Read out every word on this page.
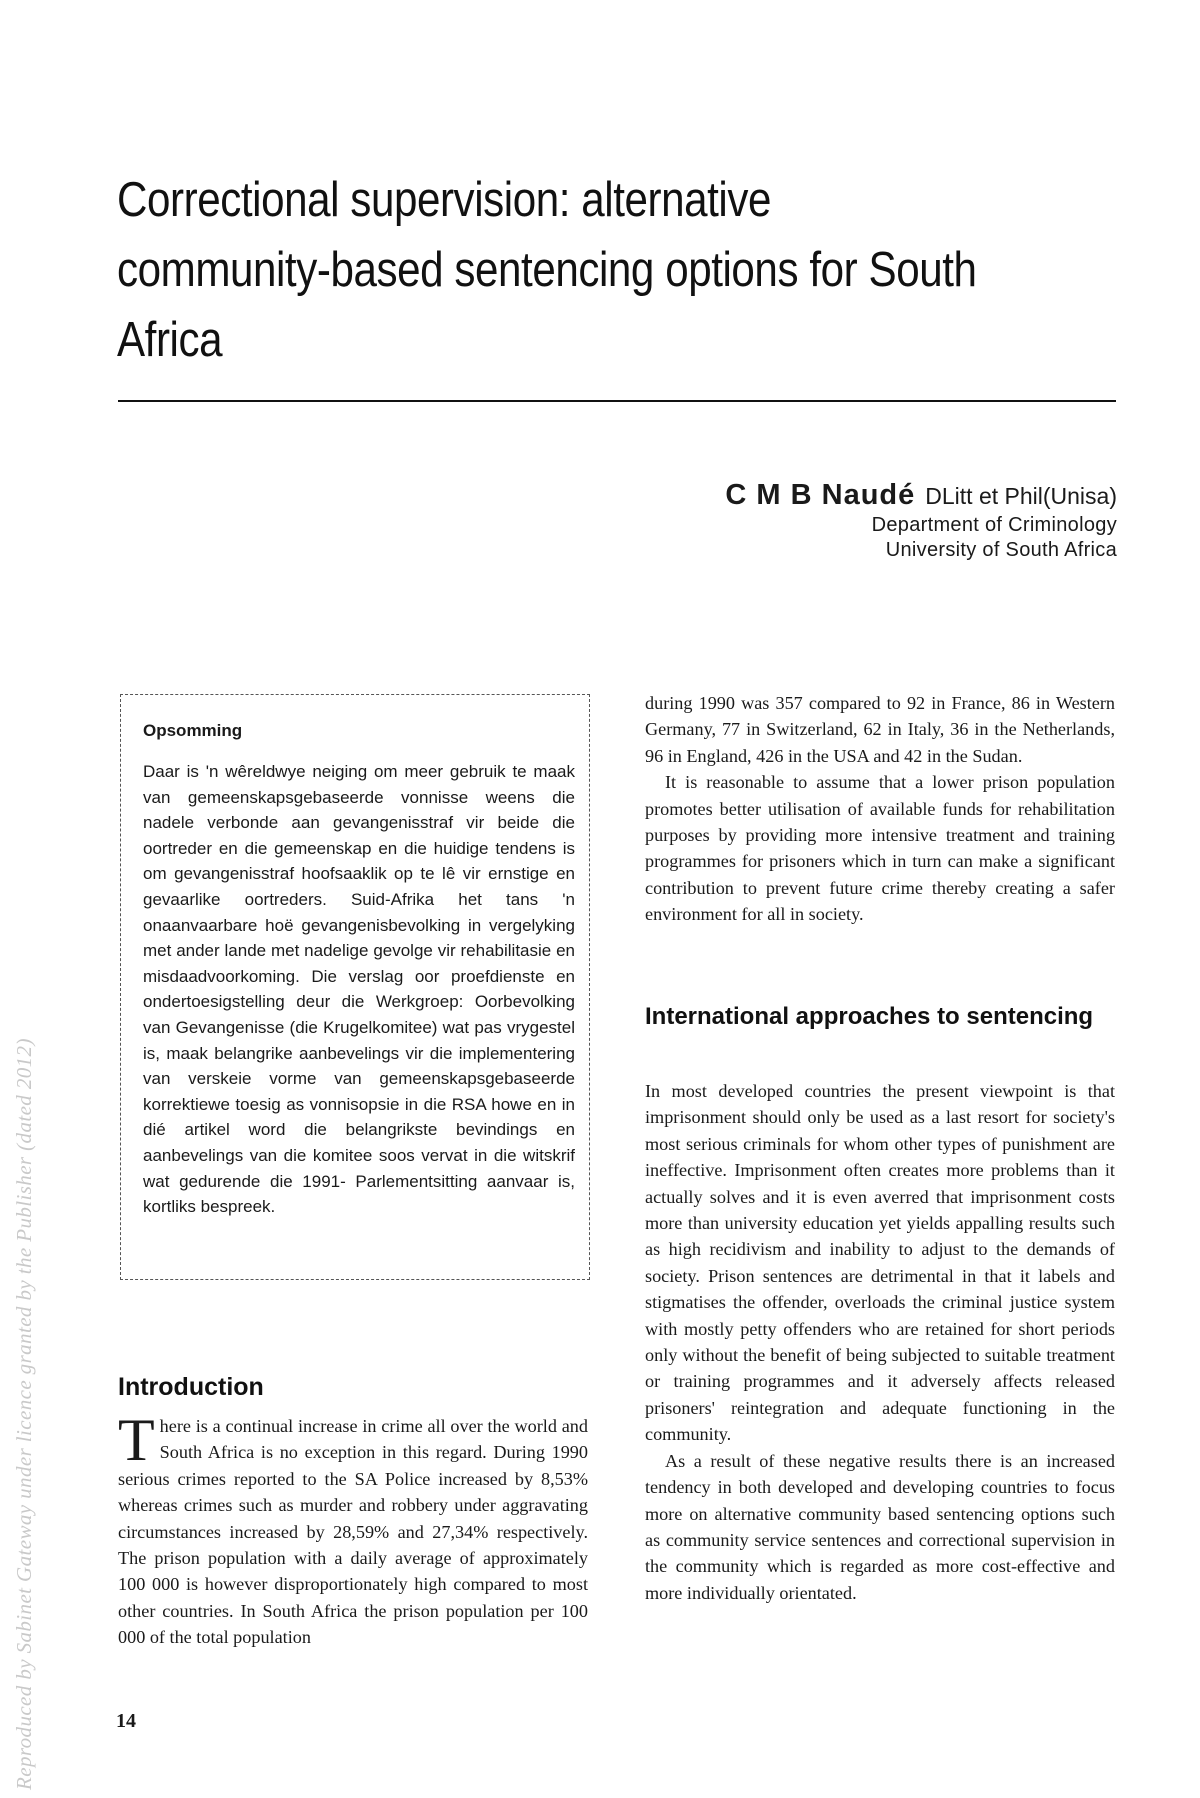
Correctional supervision: alternative community-based sentencing options for South Africa
C M B Naudé DLitt et Phil(Unisa)
Department of Criminology
University of South Africa
Opsomming

Daar is 'n wêreldwye neiging om meer gebruik te maak van gemeenskapsgebaseerde vonnisse weens die nadele verbonde aan gevangenisstraf vir beide die oortreder en die gemeenskap en die huidige tendens is om gevangenisstraf hoofsaaklik op te lê vir ernstige en gevaarlike oortreders. Suid-Afrika het tans 'n onaanvaarbare hoë gevangenisbevolking in vergelyking met ander lande met nadelige gevolge vir rehabilitasie en misdaadvoorkoming. Die verslag oor proefdienste en ondertoesigstelling deur die Werkgroep: Oorbevolking van Gevangenisse (die Krugelkomitee) wat pas vrygestel is, maak belangrike aanbevelings vir die implementering van verskeie vorme van gemeenskapsgebaseerde korrektiewe toesig as vonnisopsie in die RSA howe en in dié artikel word die belangrikste bevindings en aanbevelings van die komitee soos vervat in die witskrif wat gedurende die 1991- Parlementsitting aanvaar is, kortliks bespreek.

Introduction

There is a continual increase in crime all over the world and South Africa is no exception in this regard. During 1990 serious crimes reported to the SA Police increased by 8,53% whereas crimes such as murder and robbery under aggravating circumstances increased by 28,59% and 27,34% respectively. The prison population with a daily average of approximately 100 000 is however disproportionately high compared to most other countries. In South Africa the prison population per 100 000 of the total population

during 1990 was 357 compared to 92 in France, 86 in Western Germany, 77 in Switzerland, 62 in Italy, 36 in the Netherlands, 96 in England, 426 in the USA and 42 in the Sudan.

It is reasonable to assume that a lower prison population promotes better utilisation of available funds for rehabilitation purposes by providing more intensive treatment and training programmes for prisoners which in turn can make a significant contribution to prevent future crime thereby creating a safer environment for all in society.

International approaches to sentencing

In most developed countries the present viewpoint is that imprisonment should only be used as a last resort for society's most serious criminals for whom other types of punishment are ineffective. Imprisonment often creates more problems than it actually solves and it is even averred that imprisonment costs more than university education yet yields appalling results such as high recidivism and inability to adjust to the demands of society. Prison sentences are detrimental in that it labels and stigmatises the offender, overloads the criminal justice system with mostly petty offenders who are retained for short periods only without the benefit of being subjected to suitable treatment or training programmes and it adversely affects released prisoners' reintegration and adequate functioning in the community.

As a result of these negative results there is an increased tendency in both developed and developing countries to focus more on alternative community based sentencing options such as community service sentences and correctional supervision in the community which is regarded as more cost-effective and more individually orientated.

14
Reproduced by Sabinet Gateway under licence granted by the Publisher (dated 2012)
